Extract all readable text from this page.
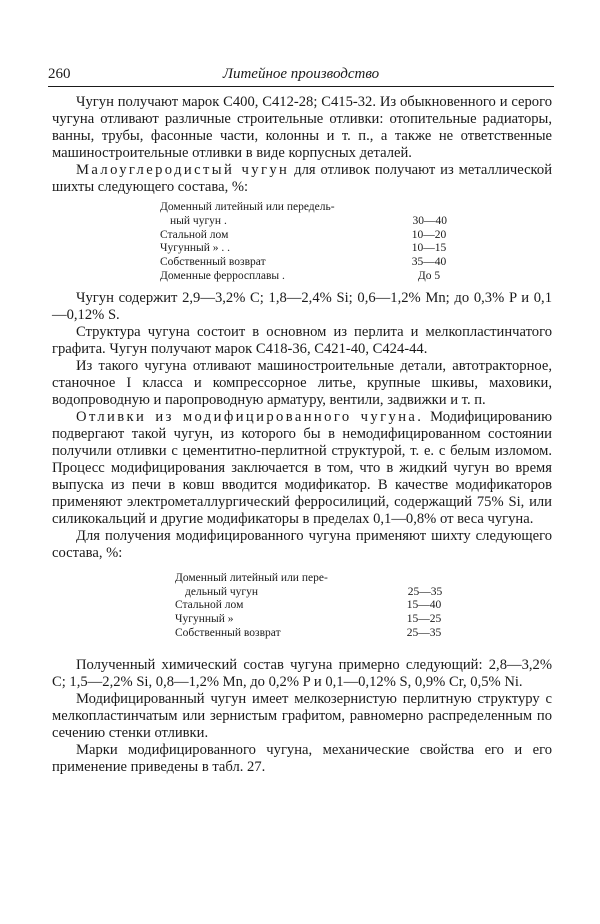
260	Литейное производство

Чугун получают марок С400, С412-28; С415-32. Из обыкновенного и серого чугуна отливают различные строительные отливки: отопительные радиаторы, ванны, трубы, фасонные части, колонны и т. п., а также не ответственные машиностроительные отливки в виде корпусных деталей.

Малоуглеродистый чугун для отливок получают из металлической шихты следующего состава, %:

Доменный литейный или передель-
ный чугун .	30—40
Стальной лом	10—20
Чугунный » . .	10—15
Собственный возврат	35—40
Доменные ферросплавы .	До 5

Чугун содержит 2,9—3,2% С; 1,8—2,4% Si; 0,6—1,2% Mn; до 0,3% P и 0,1—0,12% S.

Структура чугуна состоит в основном из перлита и мелкопластинчатого графита. Чугун получают марок С418-36, С421-40, С424-44.

Из такого чугуна отливают машиностроительные детали, автотракторное, станочное I класса и компрессорное литье, крупные шкивы, маховики, водопроводную и паропроводную арматуру, вентили, задвижки и т. п.

Отливки из модифицированного чугуна. Модифицированию подвергают такой чугун, из которого бы в немодифицированном состоянии получили отливки с цементитно-перлитной структурой, т. е. с белым изломом. Процесс модифицирования заключается в том, что в жидкий чугун во время выпуска из печи в ковш вводится модификатор. В качестве модификаторов применяют электрометаллургический ферросилиций, содержащий 75% Si, или силикокальций и другие модификаторы в пределах 0,1—0,8% от веса чугуна.

Для получения модифицированного чугуна применяют шихту следующего состава, %:

Доменный литейный или пере-
дельный чугун	25—35
Стальной лом	15—40
Чугунный »	15—25
Собственный возврат	25—35

Полученный химический состав чугуна примерно следующий: 2,8—3,2% С; 1,5—2,2% Si, 0,8—1,2% Mn, до 0,2% P и 0,1—0,12% S, 0,9% Cr, 0,5% Ni.

Модифицированный чугун имеет мелкозернистую перлитную структуру с мелкопластинчатым или зернистым графитом, равномерно распределенным по сечению стенки отливки.

Марки модифицированного чугуна, механические свойства его и его применение приведены в табл. 27.
